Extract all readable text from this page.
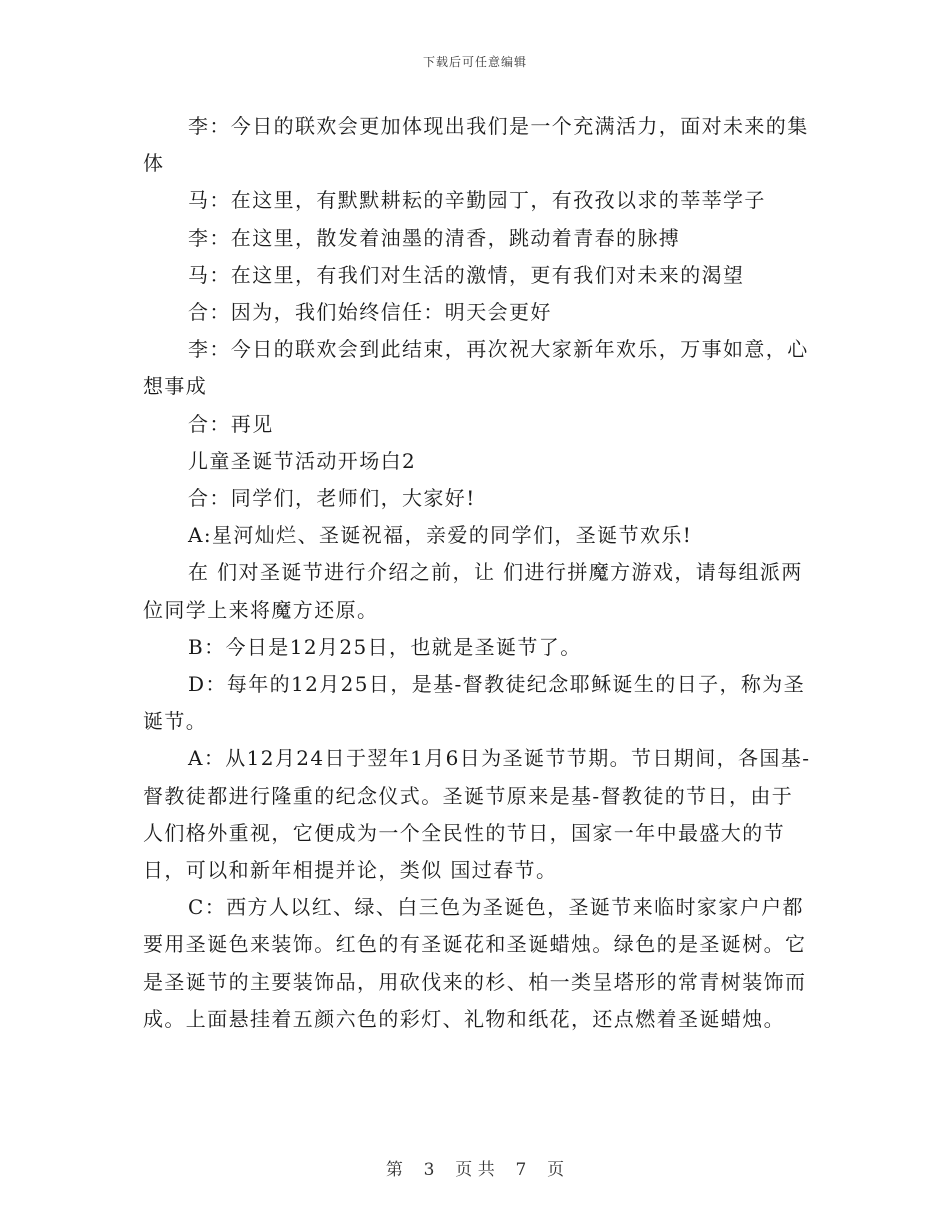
下载后可任意编辑

李：今日的联欢会更加体现出我们是一个充满活力，面对未来的集体

马：在这里，有默默耕耘的辛勤园丁，有孜孜以求的莘莘学子

李：在这里，散发着油墨的清香，跳动着青春的脉搏

马：在这里，有我们对生活的激情，更有我们对未来的渴望

合：因为，我们始终信任：明天会更好

李：今日的联欢会到此结束，再次祝大家新年欢乐，万事如意，心想事成

合：再见

儿童圣诞节活动开场白2

合：同学们，老师们，大家好!

A:星河灿烂、圣诞祝福，亲爱的同学们，圣诞节欢乐!

在 们对圣诞节进行介绍之前，让 们进行拼魔方游戏，请每组派两位同学上来将魔方还原。

B：今日是12月25日，也就是圣诞节了。

D：每年的12月25日，是基-督教徒纪念耶稣诞生的日子，称为圣诞节。

A：从12月24日于翌年1月6日为圣诞节节期。节日期间，各国基-督教徒都进行隆重的纪念仪式。圣诞节原来是基-督教徒的节日，由于人们格外重视，它便成为一个全民性的节日，国家一年中最盛大的节日，可以和新年相提并论，类似 国过春节。

C：西方人以红、绿、白三色为圣诞色，圣诞节来临时家家户户都要用圣诞色来装饰。红色的有圣诞花和圣诞蜡烛。绿色的是圣诞树。它是圣诞节的主要装饰品，用砍伐来的杉、柏一类呈塔形的常青树装饰而成。上面悬挂着五颜六色的彩灯、礼物和纸花，还点燃着圣诞蜡烛。

第 3 页 共 7 页
